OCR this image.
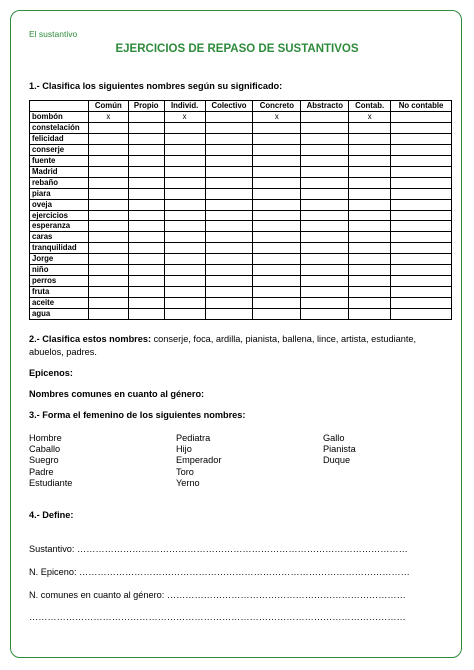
El sustantivo
EJERCICIOS DE REPASO DE SUSTANTIVOS
1.- Clasifica los siguientes nombres según su significado:
	Común	Propio	Individ.	Colectivo	Concreto	Abstracto	Contab.	No contable
bombón	x		x		x		x	
constelación								
felicidad								
conserje								
fuente								
Madrid								
rebaño								
piara								
oveja								
ejercicios								
esperanza								
caras								
tranquilidad								
Jorge								
niño								
perros								
fruta								
aceite								
agua								
2.- Clasifica estos nombres: conserje, foca, ardilla, pianista, ballena, lince, artista, estudiante, abuelos, padres.
Epicenos:
Nombres comunes en cuanto al género:
3.- Forma el femenino de los siguientes nombres:
Hombre
Caballo
Suegro
Padre
Estudiante
Pediatra
Hijo
Emperador
Toro
Yerno
Gallo
Pianista
Duque
4.- Define:
Sustantivo: ………………………………………………………………………………………………
N. Epiceno: ………………………………………………………………………………………………
N. comunes en cuanto al género: ……………………………………………………………………
……………………………………………………………………………………………………………
